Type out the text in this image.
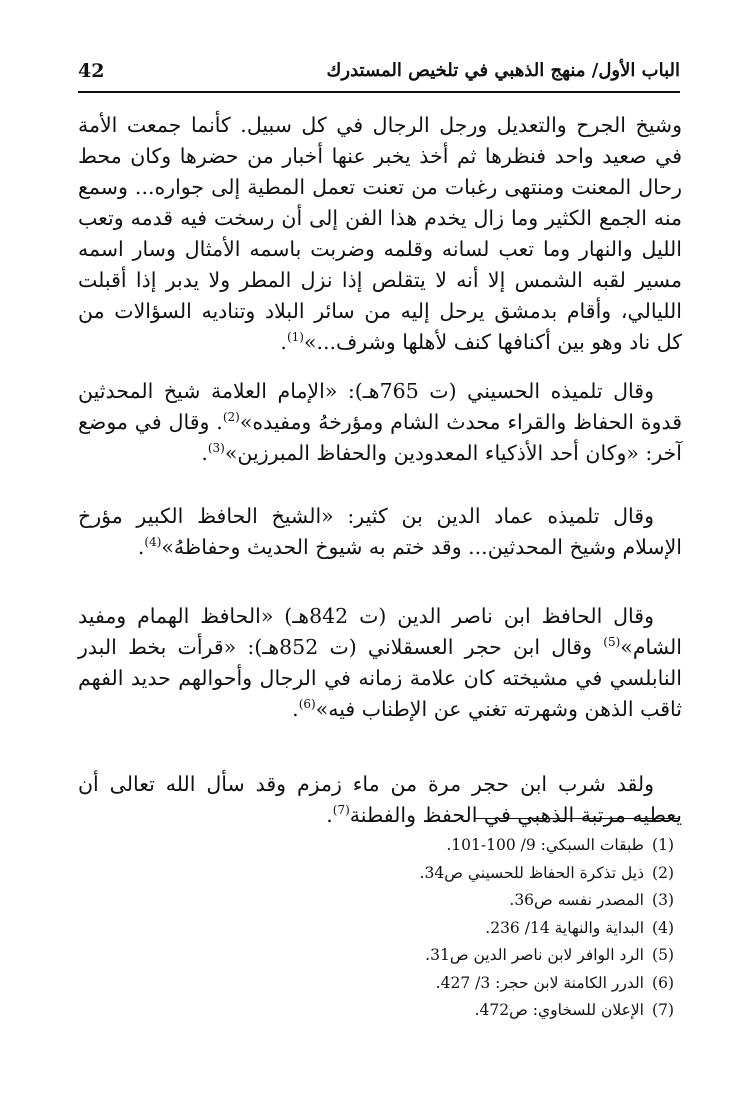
الباب الأول/ منهج الذهبي في تلخيص المستدرك
42

وشيخ الجرح والتعديل ورجل الرجال في كل سبيل. كأنما جمعت الأمة في صعيد واحد فنظرها ثم أخذ يخبر عنها أخبار من حضرها وكان محط رحال المعنت ومنتهى رغبات من تعنت تعمل المطية إلى جواره... وسمع منه الجمع الكثير وما زال يخدم هذا الفن إلى أن رسخت فيه قدمه وتعب الليل والنهار وما تعب لسانه وقلمه وضربت باسمه الأمثال وسار اسمه مسير لقبه الشمس إلا أنه لا يتقلص إذا نزل المطر ولا يدبر إذا أقبلت الليالي، وأقام بدمشق يرحل إليه من سائر البلاد وتناديه السؤالات من كل ناد وهو بين أكنافها كنف لأهلها وشرف...»$^{(1)}$.

وقال تلميذه الحسيني (ت 765هـ): «الإمام العلامة شيخ المحدثين قدوة الحفاظ والقراء محدث الشام ومؤرخهُ ومفيده»$^{(2)}$. وقال في موضع آخر: «وكان أحد الأذكياء المعدودين والحفاظ المبرزين»$^{(3)}$.

وقال تلميذه عماد الدين بن كثير: «الشيخ الحافظ الكبير مؤرخ الإسلام وشيخ المحدثين... وقد ختم به شيوخ الحديث وحفاظهُ»$^{(4)}$.

وقال الحافظ ابن ناصر الدين (ت 842هـ) «الحافظ الهمام ومفيد الشام»$^{(5)}$ وقال ابن حجر العسقلاني (ت 852هـ): «قرأت بخط البدر النابلسي في مشيخته كان علامة زمانه في الرجال وأحوالهم حديد الفهم ثاقب الذهن وشهرته تغني عن الإطناب فيه»$^{(6)}$.

ولقد شرب ابن حجر مرة من ماء زمزم وقد سأل الله تعالى أن يعطيه مرتبة الذهبي في الحفظ والفطنة$^{(7)}$.

(1)
طبقات السبكي: 9/ 100-101.
(2)
ذيل تذكرة الحفاظ للحسيني ص34.
(3)
المصدر نفسه ص36.
(4)
البداية والنهاية 14/ 236.
(5)
الرد الوافر لابن ناصر الدين ص31.
(6)
الدرر الكامنة لابن حجر: 3/ 427.
(7)
الإعلان للسخاوي: ص472.
